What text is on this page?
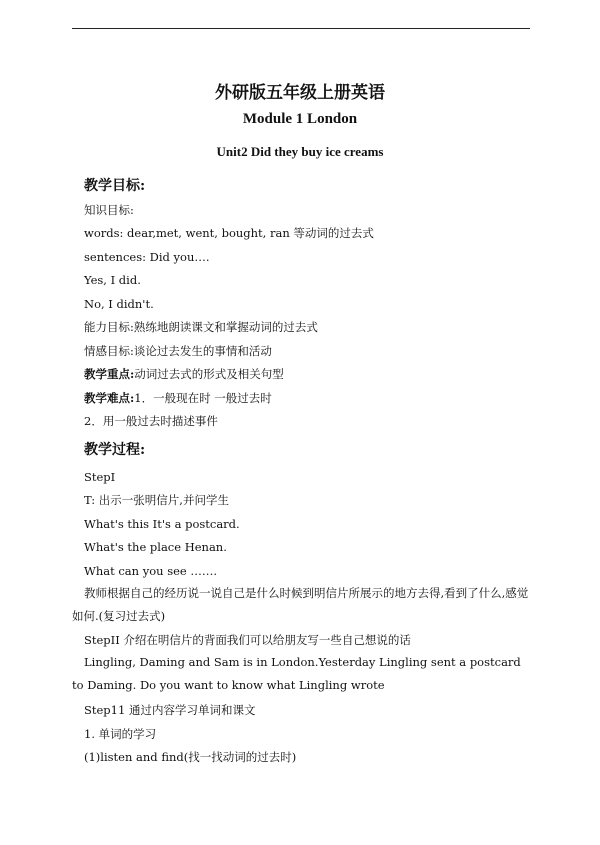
外研版五年级上册英语
Module 1 London
Unit2 Did they buy ice creams
教学目标:
知识目标:
words: dear,met, went, bought, ran 等动词的过去式
sentences: Did you….
Yes, I did.
No, I didn't.
能力目标:熟练地朗读课文和掌握动词的过去式
情感目标:谈论过去发生的事情和活动
教学重点:动词过去式的形式及相关句型
教学难点:1．一般现在时 一般过去时
2．用一般过去时描述事件
教学过程:
StepI
T: 出示一张明信片,并问学生
What's this It's a postcard.
What's the place Henan.
What can you see …….
教师根据自己的经历说一说自己是什么时候到明信片所展示的地方去得,看到了什么,感觉如何.(复习过去式)
StepII 介绍在明信片的背面我们可以给朋友写一些自己想说的话
Lingling, Daming and Sam is in London.Yesterday Lingling sent a postcard to Daming. Do you want to know what Lingling wrote
Step11 通过内容学习单词和课文
1. 单词的学习
(1)listen and find(找一找动词的过去时)
